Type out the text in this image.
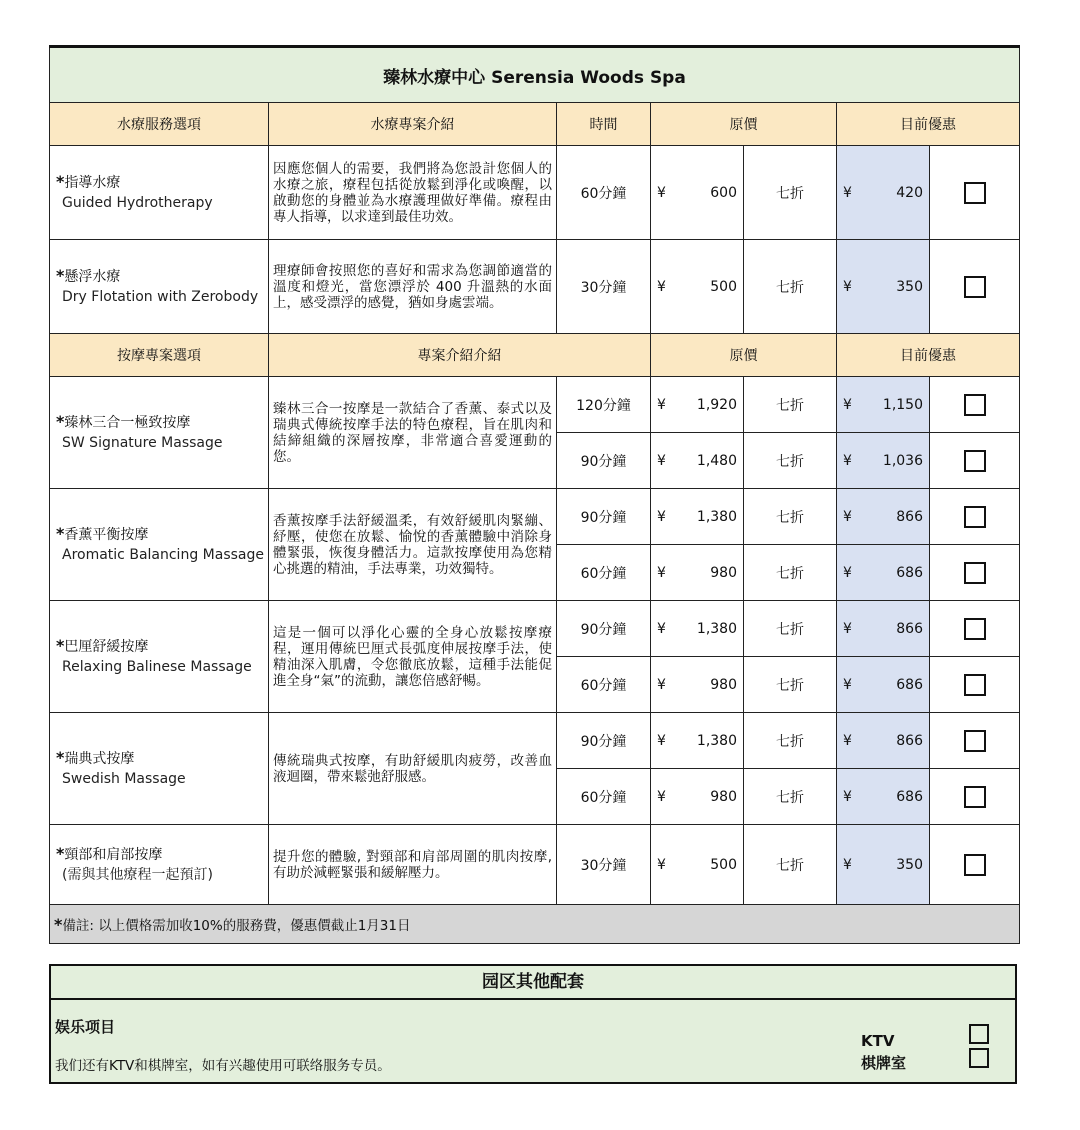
臻林水療中心 Serensia Woods Spa						
水療服務選項	水療專案介紹	時間	原價		目前優惠	
*指導水療
Guided Hydrotherapy	因應您個人的需要，我們將為您設計您個人的水療之旅，療程包括從放鬆到淨化或喚醒，以啟動您的身體並為水療護理做好準備。療程由專人指導，以求達到最佳功效。	60分鐘	¥ 600	七折	¥ 420	

*懸浮水療
Dry Flotation with Zerobody	理療師會按照您的喜好和需求為您調節適當的溫度和燈光，當您漂浮於 400 升溫熱的水面上，感受漂浮的感覺，猶如身處雲端。	30分鐘	¥ 500	七折	¥ 350	

按摩專案選項	專案介紹介紹		原價		目前優惠	
*臻林三合一極致按摩
SW Signature Massage	臻林三合一按摩是一款結合了香薰、泰式以及瑞典式傳統按摩手法的特色療程，旨在肌肉和結締組織的深層按摩，非常適合喜愛運動的您。	120分鐘	¥ 1,920	七折	¥ 1,150	

		90分鐘	¥ 1,480	七折	¥ 1,036	

*香薰平衡按摩
Aromatic Balancing Massage	香薰按摩手法舒緩溫柔，有效舒緩肌肉緊繃、紓壓，使您在放鬆、愉悅的香薰體驗中消除身體緊張，恢復身體活力。這款按摩使用為您精心挑選的精油，手法專業，功效獨特。	90分鐘	¥ 1,380	七折	¥ 866	

		60分鐘	¥ 980	七折	¥ 686	

*巴厘舒緩按摩
Relaxing Balinese Massage	這是一個可以淨化心靈的全身心放鬆按摩療程，運用傳統巴厘式長弧度伸展按摩手法，使精油深入肌膚，令您徹底放鬆，這種手法能促進全身“氣”的流動，讓您倍感舒暢。	90分鐘	¥ 1,380	七折	¥ 866	

		60分鐘	¥ 980	七折	¥ 686	

*瑞典式按摩
Swedish Massage	傳統瑞典式按摩，有助舒緩肌肉疲勞，改善血液迴圈，帶來鬆弛舒服感。	90分鐘	¥ 1,380	七折	¥ 866	

		60分鐘	¥ 980	七折	¥ 686	

*頸部和肩部按摩
(需與其他療程一起預訂)	提升您的體驗, 對頸部和肩部周圍的肌肉按摩, 有助於減輕緊張和緩解壓力。	30分鐘	¥ 500	七折	¥ 350	

*備註: 以上價格需加收10%的服務費，優惠價截止1月31日						
园区其他配套
娱乐项目
我们还有KTV和棋牌室，如有兴趣使用可联络服务专员。
KTV
棋牌室
